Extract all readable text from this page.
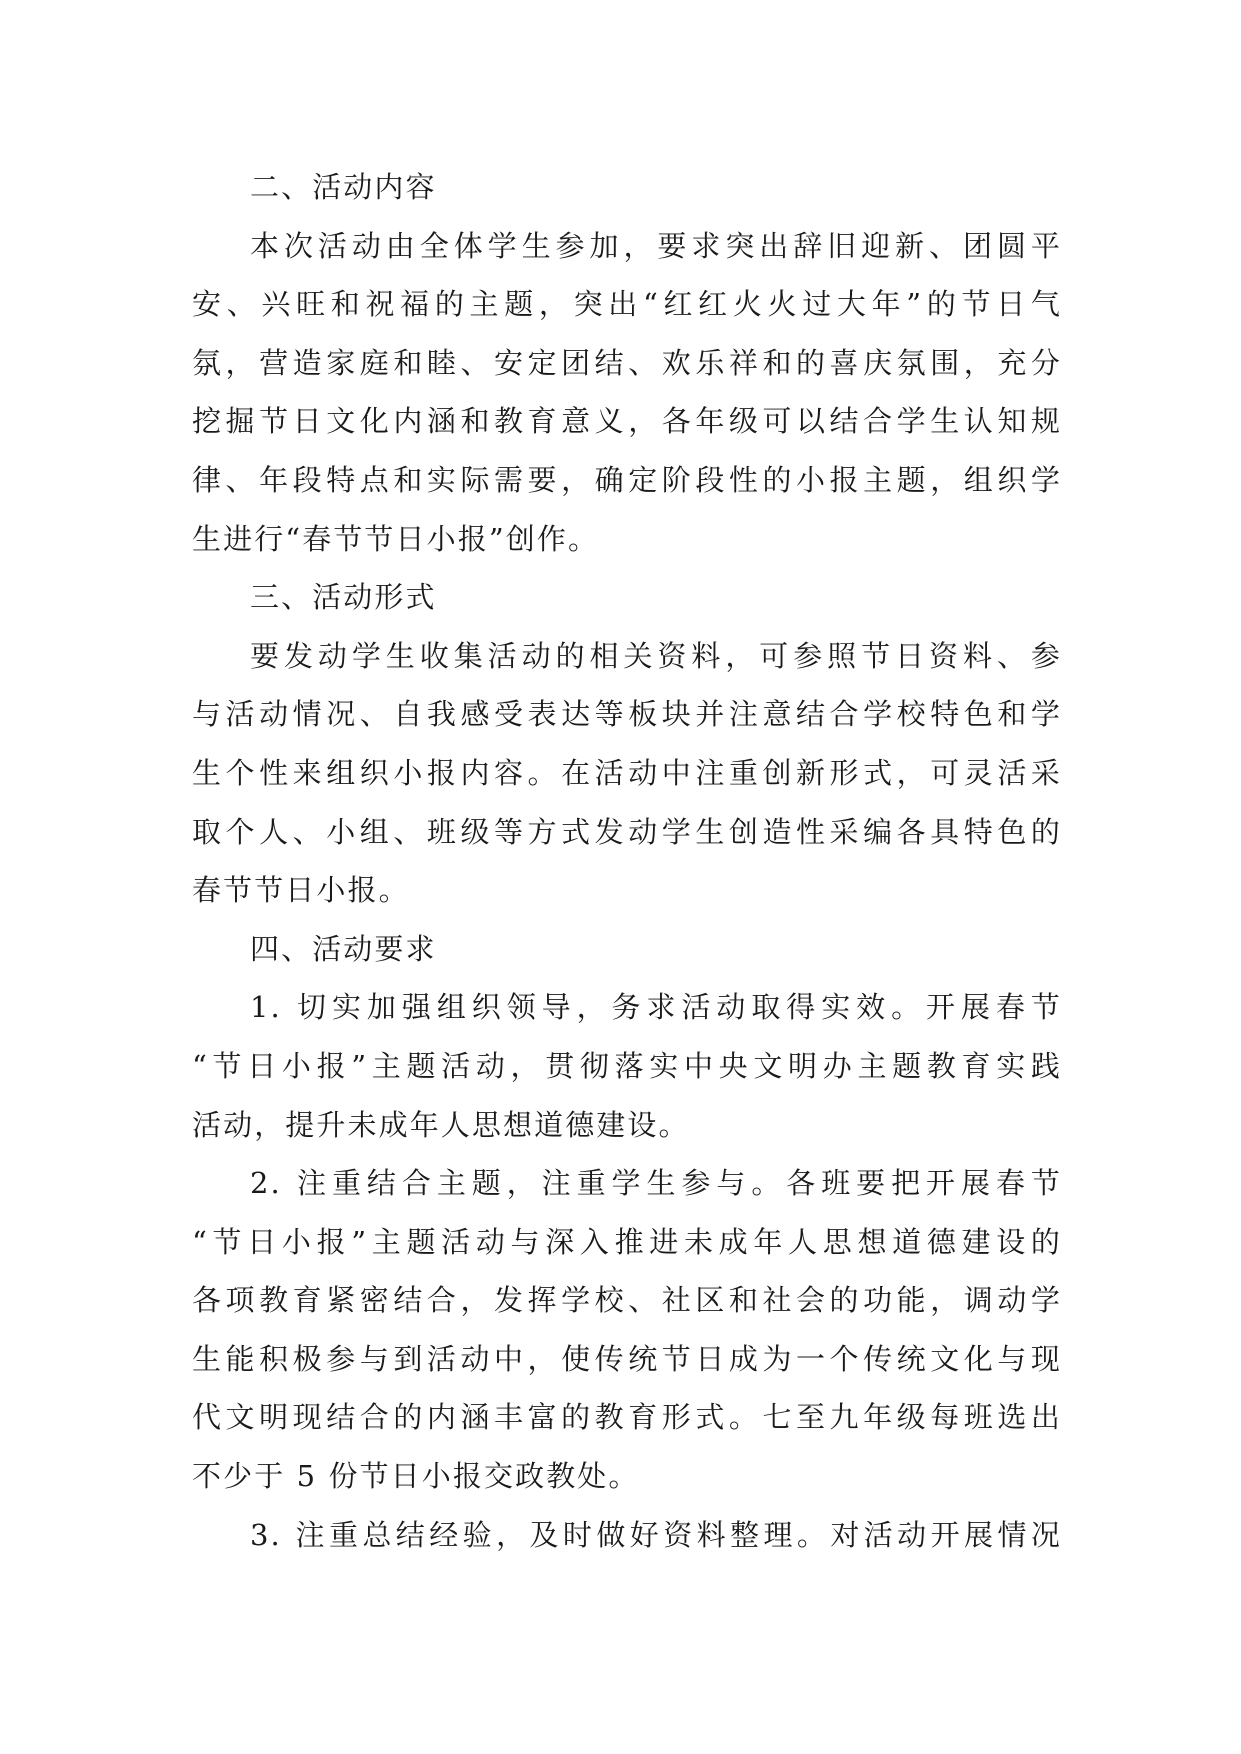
二、活动内容
本次活动由全体学生参加，要求突出辞旧迎新、团圆平
安、兴旺和祝福的主题，突出“红红火火过大年”的节日气
氛，营造家庭和睦、安定团结、欢乐祥和的喜庆氛围，充分
挖掘节日文化内涵和教育意义，各年级可以结合学生认知规
律、年段特点和实际需要，确定阶段性的小报主题，组织学
生进行“春节节日小报”创作。
三、活动形式
要发动学生收集活动的相关资料，可参照节日资料、参
与活动情况、自我感受表达等板块并注意结合学校特色和学
生个性来组织小报内容。在活动中注重创新形式，可灵活采
取个人、小组、班级等方式发动学生创造性采编各具特色的
春节节日小报。
四、活动要求
1. 切实加强组织领导，务求活动取得实效。开展春节
“节日小报”主题活动，贯彻落实中央文明办主题教育实践
活动，提升未成年人思想道德建设。
2. 注重结合主题，注重学生参与。各班要把开展春节
“节日小报”主题活动与深入推进未成年人思想道德建设的
各项教育紧密结合，发挥学校、社区和社会的功能，调动学
生能积极参与到活动中，使传统节日成为一个传统文化与现
代文明现结合的内涵丰富的教育形式。七至九年级每班选出
不少于 5 份节日小报交政教处。
3. 注重总结经验，及时做好资料整理。对活动开展情况
